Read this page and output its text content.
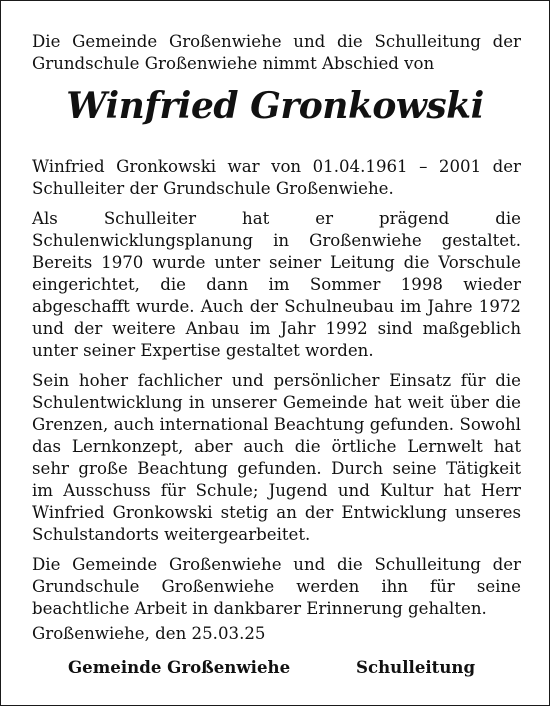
Die Gemeinde Großenwiehe und die Schulleitung der Grundschule Großenwiehe nimmt Abschied von

Winfried Gronkowski

Winfried Gronkowski war von 01.04.1961 – 2001 der Schulleiter der Grundschule Großenwiehe.

Als Schulleiter hat er prägend die Schulenwicklungsplanung in Großenwiehe gestaltet. Bereits 1970 wurde unter seiner Leitung die Vorschule eingerichtet, die dann im Sommer 1998 wieder abgeschafft wurde. Auch der Schulneubau im Jahre 1972 und der weitere Anbau im Jahr 1992 sind maßgeblich unter seiner Expertise gestaltet worden.

Sein hoher fachlicher und persönlicher Einsatz für die Schulentwicklung in unserer Gemeinde hat weit über die Grenzen, auch international Beachtung gefunden. Sowohl das Lernkonzept, aber auch die örtliche Lernwelt hat sehr große Beachtung gefunden. Durch seine Tätigkeit im Ausschuss für Schule; Jugend und Kultur hat Herr Winfried Gronkowski stetig an der Entwicklung unseres Schulstandorts weitergearbeitet.

Die Gemeinde Großenwiehe und die Schulleitung der Grundschule Großenwiehe werden ihn für seine beachtliche Arbeit in dankbarer Erinnerung gehalten.

Großenwiehe, den 25.03.25

Gemeinde Großenwiehe	Schulleitung
